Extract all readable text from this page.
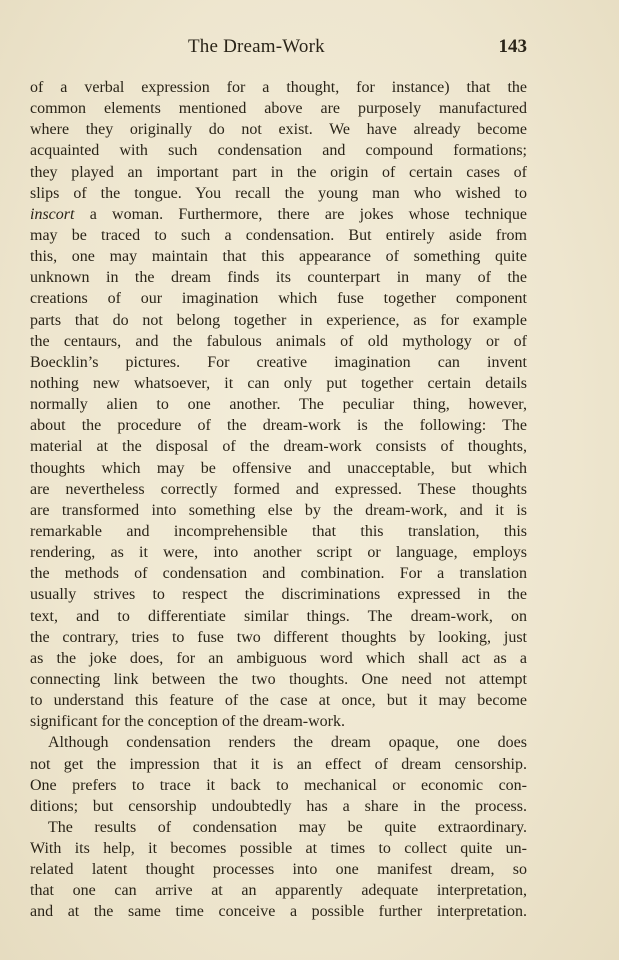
The Dream-Work	143
of a verbal expression for a thought, for instance) that the
common elements mentioned above are purposely manufactured
where they originally do not exist. We have already become
acquainted with such condensation and compound formations;
they played an important part in the origin of certain cases of
slips of the tongue. You recall the young man who wished to
inscort a woman. Furthermore, there are jokes whose technique
may be traced to such a condensation. But entirely aside from
this, one may maintain that this appearance of something quite
unknown in the dream finds its counterpart in many of the
creations of our imagination which fuse together component
parts that do not belong together in experience, as for example
the centaurs, and the fabulous animals of old mythology or of
Boecklin’s pictures. For creative imagination can invent
nothing new whatsoever, it can only put together certain details
normally alien to one another. The peculiar thing, however,
about the procedure of the dream-work is the following: The
material at the disposal of the dream-work consists of thoughts,
thoughts which may be offensive and unacceptable, but which
are nevertheless correctly formed and expressed. These thoughts
are transformed into something else by the dream-work, and it is
remarkable and incomprehensible that this translation, this
rendering, as it were, into another script or language, employs
the methods of condensation and combination. For a translation
usually strives to respect the discriminations expressed in the
text, and to differentiate similar things. The dream-work, on
the contrary, tries to fuse two different thoughts by looking, just
as the joke does, for an ambiguous word which shall act as a
connecting link between the two thoughts. One need not attempt
to understand this feature of the case at once, but it may become
significant for the conception of the dream-work.
Although condensation renders the dream opaque, one does
not get the impression that it is an effect of dream censorship.
One prefers to trace it back to mechanical or economic con-
ditions; but censorship undoubtedly has a share in the process.
The results of condensation may be quite extraordinary.
With its help, it becomes possible at times to collect quite un-
related latent thought processes into one manifest dream, so
that one can arrive at an apparently adequate interpretation,
and at the same time conceive a possible further interpretation.
